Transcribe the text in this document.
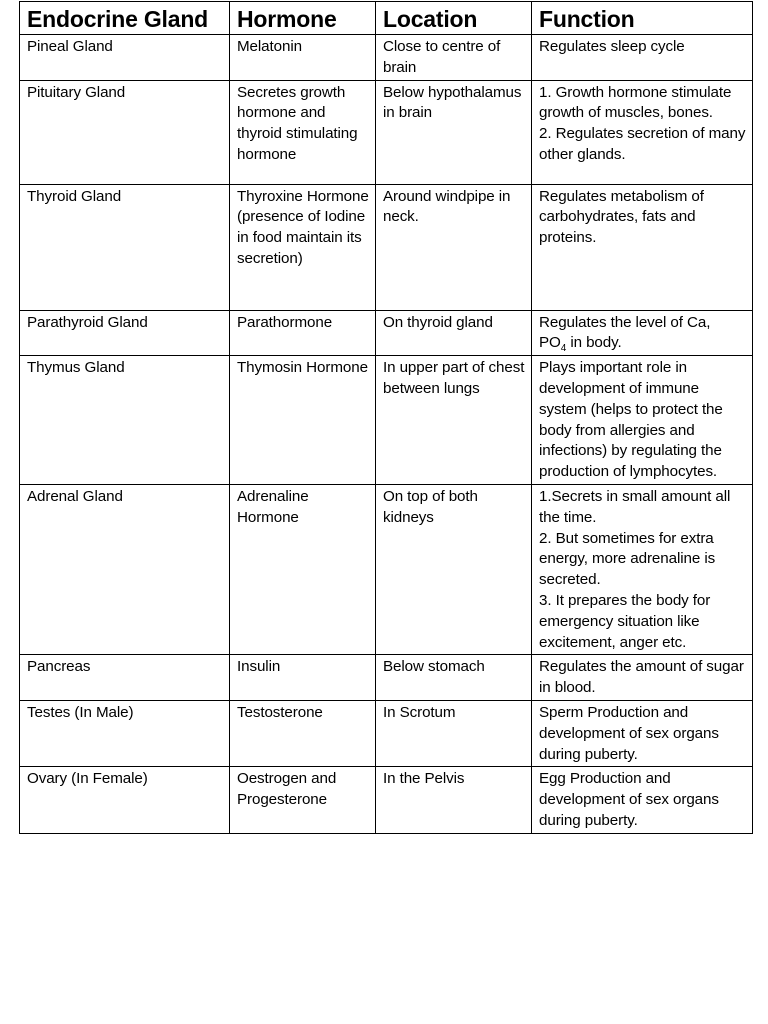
Endocrine Gland	Hormone	Location	Function
Pineal Gland	Melatonin	Close to centre of brain	Regulates sleep cycle

Pituitary Gland	Secretes growth hormone and thyroid stimulating hormone	Below hypothalamus in brain	1. Growth hormone stimulate growth of muscles, bones.
2. Regulates secretion of many other glands.

Thyroid Gland	Thyroxine Hormone (presence of Iodine in food maintain its secretion)	Around windpipe in neck.	Regulates metabolism of carbohydrates, fats and proteins.

Parathyroid Gland	Parathormone	On thyroid gland	Regulates the level of Ca,
$PO_4$ in body.

Thymus Gland	Thymosin Hormone	In upper part of chest between lungs	Plays important role in development of immune system (helps to protect the body from allergies and infections) by regulating the production of lymphocytes.

Adrenal Gland	Adrenaline Hormone	On top of both kidneys	1.Secrets in small amount all the time.
2. But sometimes for extra energy, more adrenaline is secreted.
3. It prepares the body for emergency situation like excitement, anger etc.

Pancreas	Insulin	Below stomach	Regulates the amount of sugar in blood.

Testes (In Male)	Testosterone	In Scrotum	Sperm Production and development of sex organs during puberty.

Ovary (In Female)	Oestrogen and Progesterone	In the Pelvis	Egg Production and development of sex organs during puberty.
